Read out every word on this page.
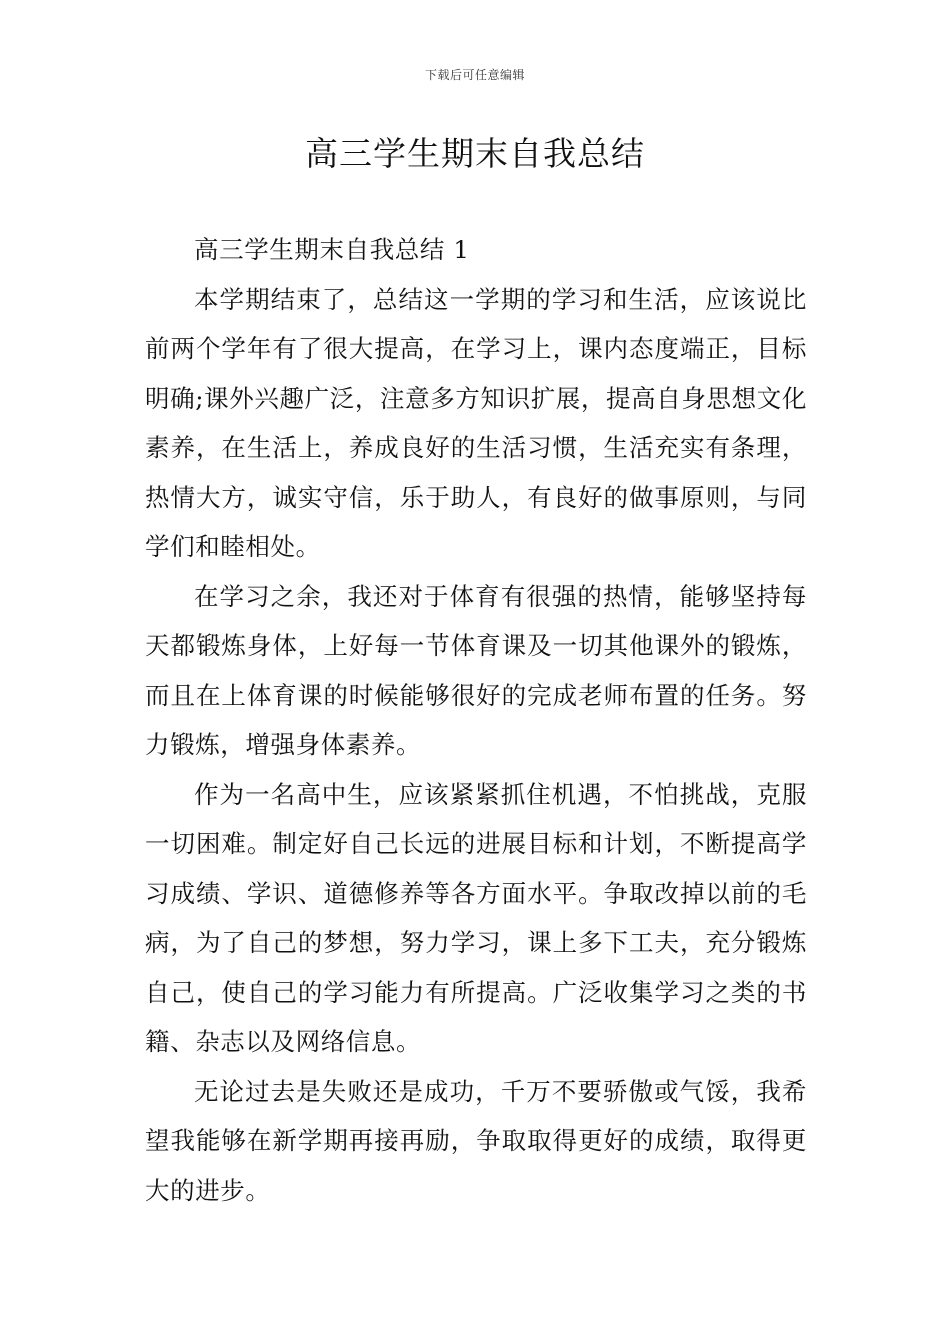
下载后可任意编辑
高三学生期末自我总结

高三学生期末自我总结 1

本学期结束了，总结这一学期的学习和生活，应该说比前两个学年有了很大提高，在学习上，课内态度端正，目标明确;课外兴趣广泛，注意多方知识扩展，提高自身思想文化素养，在生活上，养成良好的生活习惯，生活充实有条理，热情大方，诚实守信，乐于助人，有良好的做事原则，与同学们和睦相处。

在学习之余，我还对于体育有很强的热情，能够坚持每天都锻炼身体，上好每一节体育课及一切其他课外的锻炼，而且在上体育课的时候能够很好的完成老师布置的任务。努力锻炼，增强身体素养。

作为一名高中生，应该紧紧抓住机遇，不怕挑战，克服一切困难。制定好自己长远的进展目标和计划，不断提高学习成绩、学识、道德修养等各方面水平。争取改掉以前的毛病，为了自己的梦想，努力学习，课上多下工夫，充分锻炼自己，使自己的学习能力有所提高。广泛收集学习之类的书籍、杂志以及网络信息。

无论过去是失败还是成功，千万不要骄傲或气馁，我希望我能够在新学期再接再励，争取取得更好的成绩，取得更大的进步。
